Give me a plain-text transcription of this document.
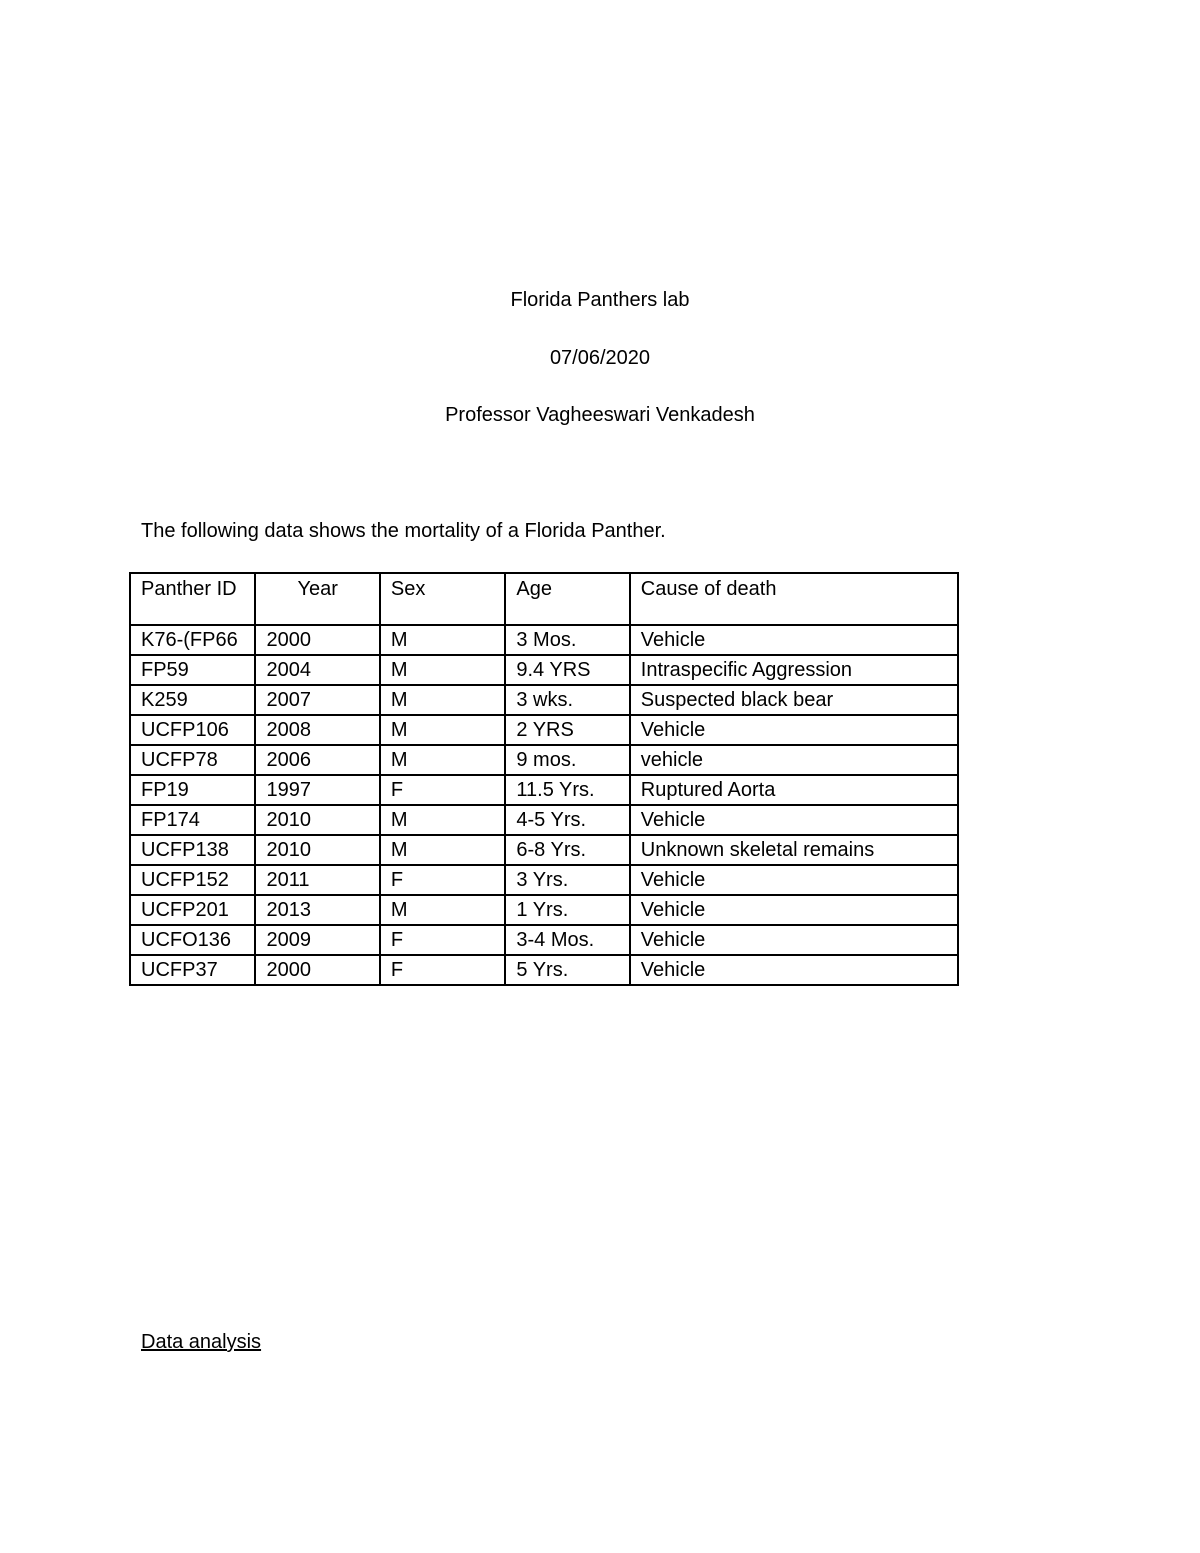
Florida Panthers lab
07/06/2020
Professor Vagheeswari Venkadesh
The following data shows the mortality of a Florida Panther.
Panther ID	Year	Sex	Age	Cause of death
K76-(FP66	2000	M	3 Mos.	Vehicle
FP59	2004	M	9.4 YRS	Intraspecific Aggression
K259	2007	M	3 wks.	Suspected black bear
UCFP106	2008	M	2 YRS	Vehicle
UCFP78	2006	M	9 mos.	vehicle
FP19	1997	F	11.5 Yrs.	Ruptured Aorta
FP174	2010	M	4-5 Yrs.	Vehicle
UCFP138	2010	M	6-8 Yrs.	Unknown skeletal remains
UCFP152	2011	F	3 Yrs.	Vehicle
UCFP201	2013	M	1 Yrs.	Vehicle
UCFO136	2009	F	3-4 Mos.	Vehicle
UCFP37	2000	F	5 Yrs.	Vehicle
Data analysis
